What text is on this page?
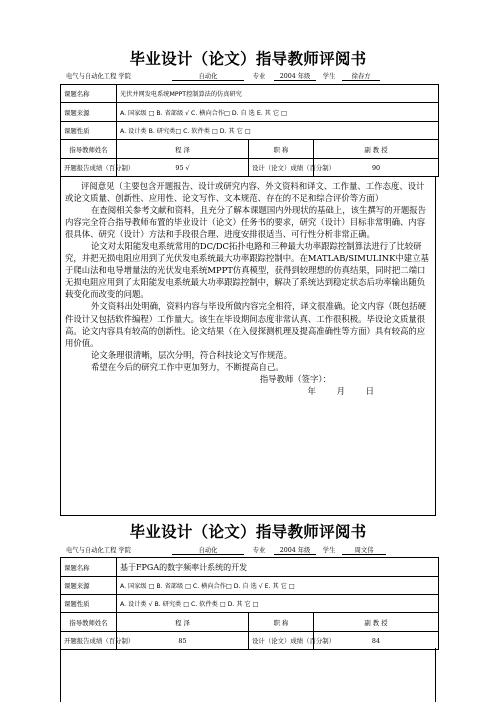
毕业设计（论文）指导教师评阅书
电气与自动化工程 学院	自动化	专业 2004 年级 学生	徐春方
课题名称	光伏并网发电系统MPPT控制算法的仿真研究		
课题来源	A. 国家级 □ B. 省部级 √ C. 横向合作□ D. 自 选 E. 其 它 □		
课题性质	A. 设计类 B. 研究类□ C. 软件类 □ D. 其 它 □		
指导教师姓名	程 泽	职 称	副 教 授
开题报告成绩（百分制）	95 √	设计（论文）成绩（百分制）	90

评阅意见（主要包含开题报告、设计或研究内容、外文资料和译文、工作量、工作态度、设计或论文质量、创新性、应用性、论文写作、文本规范、存在的不足和综合评价等方面）

在查阅相关参考文献和资料，且充分了解本课题国内外现状的基础上，该生撰写的开题报告内容完全符合指导教师布置的毕业设计（论文）任务书的要求，研究（设计）目标非常明确、内容很具体、研究（设计）方法和手段很合理、进度安排很适当、可行性分析非常正确。

论文对太阳能发电系统常用的DC/DC拓扑电路和三种最大功率跟踪控制算法进行了比较研究，并把无损电阻应用到了光伏发电系统最大功率跟踪控制中。在MATLAB/SIMULINK中建立基于爬山法和电导增量法的光伏发电系统MPPT仿真模型，获得到较理想的仿真结果，同时把二端口无损电阻应用到了太阳能发电系统最大功率跟踪控制中，解决了系统达到稳定状态后功率输出随负载变化而改变的问题。

外文资料出处明确，资料内容与毕设所做内容完全相符，译文很准确。论文内容（既包括硬件设计又包括软件编程）工作量大。该生在毕设期间态度非常认真、工作很积极。毕设论文质量很高。论文内容具有较高的创新性。论文结果（在入侵探测机理及提高准确性等方面）具有较高的应用价值。

论文条理很清晰，层次分明，符合科技论文写作规范。

希望在今后的研究工作中更加努力，不断提高自己。

指导教师（签字）：

年 月 日

毕业设计（论文）指导教师评阅书
电气与自动化工程 学院	自动化	专业 2004 年级 学生	周文伟
课题名称	基于FPGA的数字频率计系统的开发		
课题来源	A. 国家级 □ B. 省部级 □ C. 横向合作□ D. 自 选 √ E. 其 它 □		
课题性质	A. 设计类 √ B. 研究类 □ C. 软件类 □ D. 其 它 □		
指导教师姓名	程 泽	职 称	副 教 授
开题报告成绩（百分制）	85	设计（论文）成绩（百分制）	84
